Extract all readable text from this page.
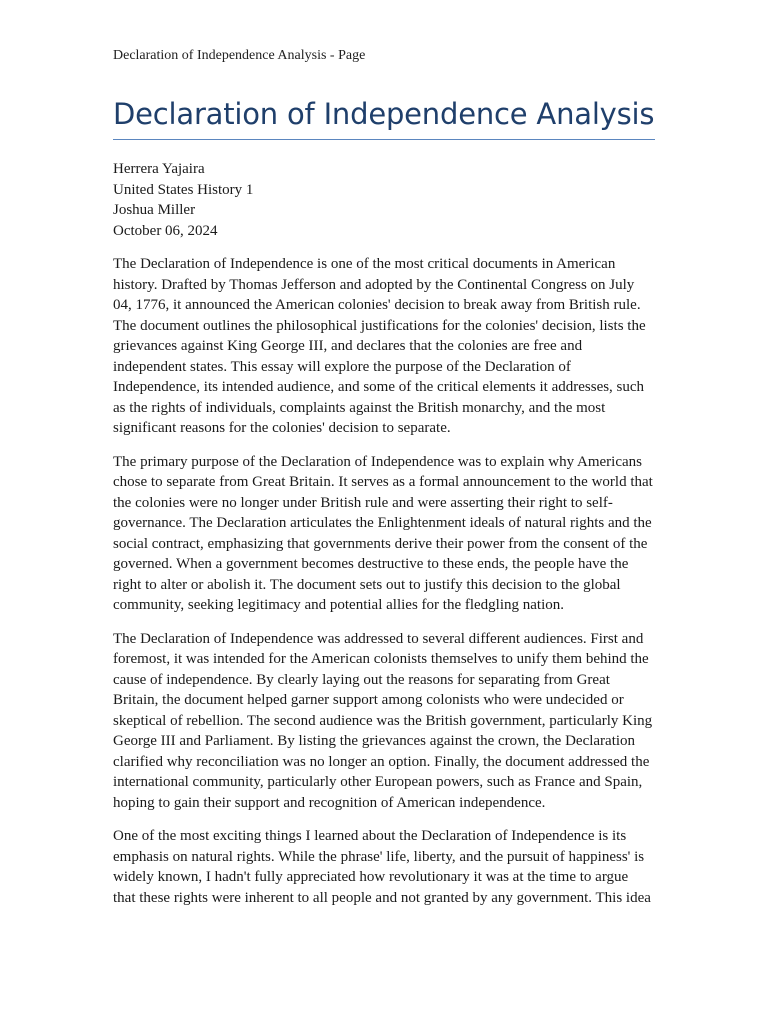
Declaration of Independence Analysis - Page
Declaration of Independence Analysis
Herrera Yajaira
United States History 1
Joshua Miller
October 06, 2024

The Declaration of Independence is one of the most critical documents in American
history. Drafted by Thomas Jefferson and adopted by the Continental Congress on July
04, 1776, it announced the American colonies' decision to break away from British rule.
The document outlines the philosophical justifications for the colonies' decision, lists the
grievances against King George III, and declares that the colonies are free and
independent states. This essay will explore the purpose of the Declaration of
Independence, its intended audience, and some of the critical elements it addresses, such
as the rights of individuals, complaints against the British monarchy, and the most
significant reasons for the colonies' decision to separate.

The primary purpose of the Declaration of Independence was to explain why Americans
chose to separate from Great Britain. It serves as a formal announcement to the world that
the colonies were no longer under British rule and were asserting their right to self-
governance. The Declaration articulates the Enlightenment ideals of natural rights and the
social contract, emphasizing that governments derive their power from the consent of the
governed. When a government becomes destructive to these ends, the people have the
right to alter or abolish it. The document sets out to justify this decision to the global
community, seeking legitimacy and potential allies for the fledgling nation.

The Declaration of Independence was addressed to several different audiences. First and
foremost, it was intended for the American colonists themselves to unify them behind the
cause of independence. By clearly laying out the reasons for separating from Great
Britain, the document helped garner support among colonists who were undecided or
skeptical of rebellion. The second audience was the British government, particularly King
George III and Parliament. By listing the grievances against the crown, the Declaration
clarified why reconciliation was no longer an option. Finally, the document addressed the
international community, particularly other European powers, such as France and Spain,
hoping to gain their support and recognition of American independence.

One of the most exciting things I learned about the Declaration of Independence is its
emphasis on natural rights. While the phrase' life, liberty, and the pursuit of happiness' is
widely known, I hadn't fully appreciated how revolutionary it was at the time to argue
that these rights were inherent to all people and not granted by any government. This idea
